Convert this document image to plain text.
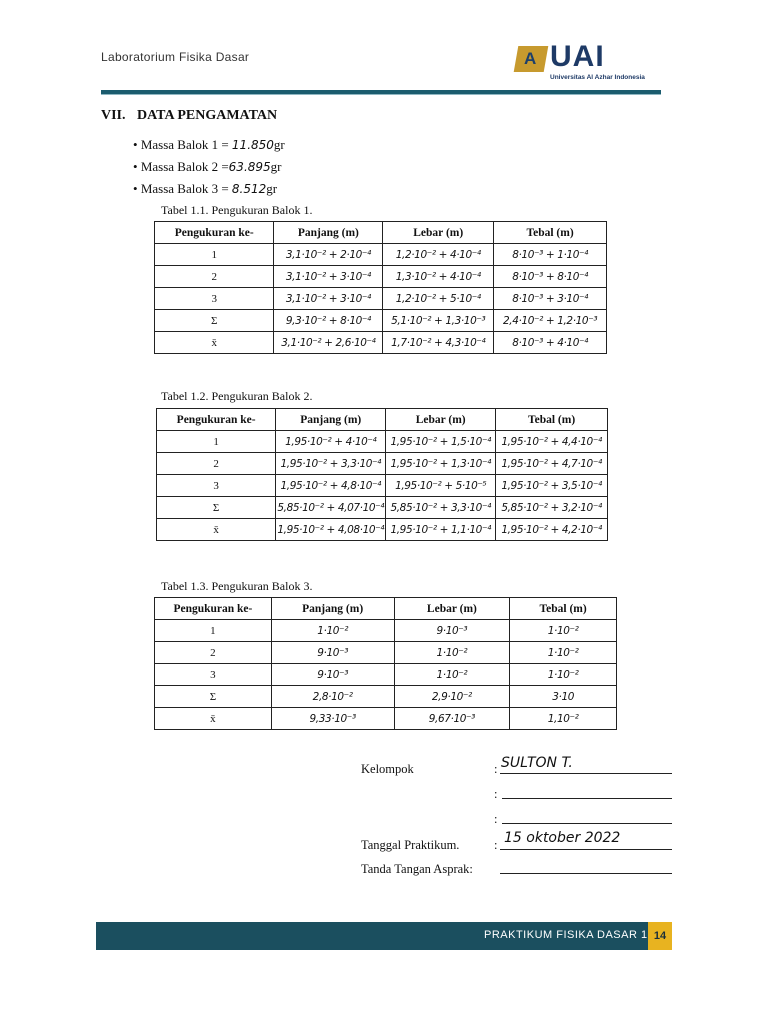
Laboratorium Fisika Dasar	A UAI
Universitas Al Azhar Indonesia
VII. DATA PENGAMATAN
• Massa Balok 1 = 11.850gr
• Massa Balok 2 =63.895gr
• Massa Balok 3 = 8.512gr
Tabel 1.1. Pengukuran Balok 1.
Pengukuran ke-	Panjang (m)	Lebar (m)	Tebal (m)
1	3,1·10⁻² + 2·10⁻⁴	1,2·10⁻² + 4·10⁻⁴	8·10⁻³ + 1·10⁻⁴
2	3,1·10⁻² + 3·10⁻⁴	1,3·10⁻² + 4·10⁻⁴	8·10⁻³ + 8·10⁻⁴
3	3,1·10⁻² + 3·10⁻⁴	1,2·10⁻² + 5·10⁻⁴	8·10⁻³ + 3·10⁻⁴
Σ	9,3·10⁻² + 8·10⁻⁴	5,1·10⁻² + 1,3·10⁻³	2,4·10⁻² + 1,2·10⁻³
x̄	3,1·10⁻² + 2,6·10⁻⁴	1,7·10⁻² + 4,3·10⁻⁴	8·10⁻³ + 4·10⁻⁴
Tabel 1.2. Pengukuran Balok 2.
Pengukuran ke-	Panjang (m)	Lebar (m)	Tebal (m)
1	1,95·10⁻² + 4·10⁻⁴	1,95·10⁻² + 1,5·10⁻⁴	1,95·10⁻² + 4,4·10⁻⁴
2	1,95·10⁻² + 3,3·10⁻⁴	1,95·10⁻² + 1,3·10⁻⁴	1,95·10⁻² + 4,7·10⁻⁴
3	1,95·10⁻² + 4,8·10⁻⁴	1,95·10⁻² + 5·10⁻⁵	1,95·10⁻² + 3,5·10⁻⁴
Σ	5,85·10⁻² + 4,07·10⁻⁴	5,85·10⁻² + 3,3·10⁻⁴	5,85·10⁻² + 3,2·10⁻⁴
x̄	1,95·10⁻² + 4,08·10⁻⁴	1,95·10⁻² + 1,1·10⁻⁴	1,95·10⁻² + 4,2·10⁻⁴
Tabel 1.3. Pengukuran Balok 3.
Pengukuran ke-	Panjang (m)	Lebar (m)	Tebal (m)
1	1·10⁻²	9·10⁻³	1·10⁻²
2	9·10⁻³	1·10⁻²	1·10⁻²
3	9·10⁻³	1·10⁻²	1·10⁻²
Σ	2,8·10⁻²	2,9·10⁻²	3·10
x̄	9,33·10⁻³	9,67·10⁻³	1,10⁻²
Kelompok	: SULTON T.
:
:
Tanggal Praktikum.	: 15 oktober 2022
Tanda Tangan Asprak:
PRAKTIKUM FISIKA DASAR 1 14
